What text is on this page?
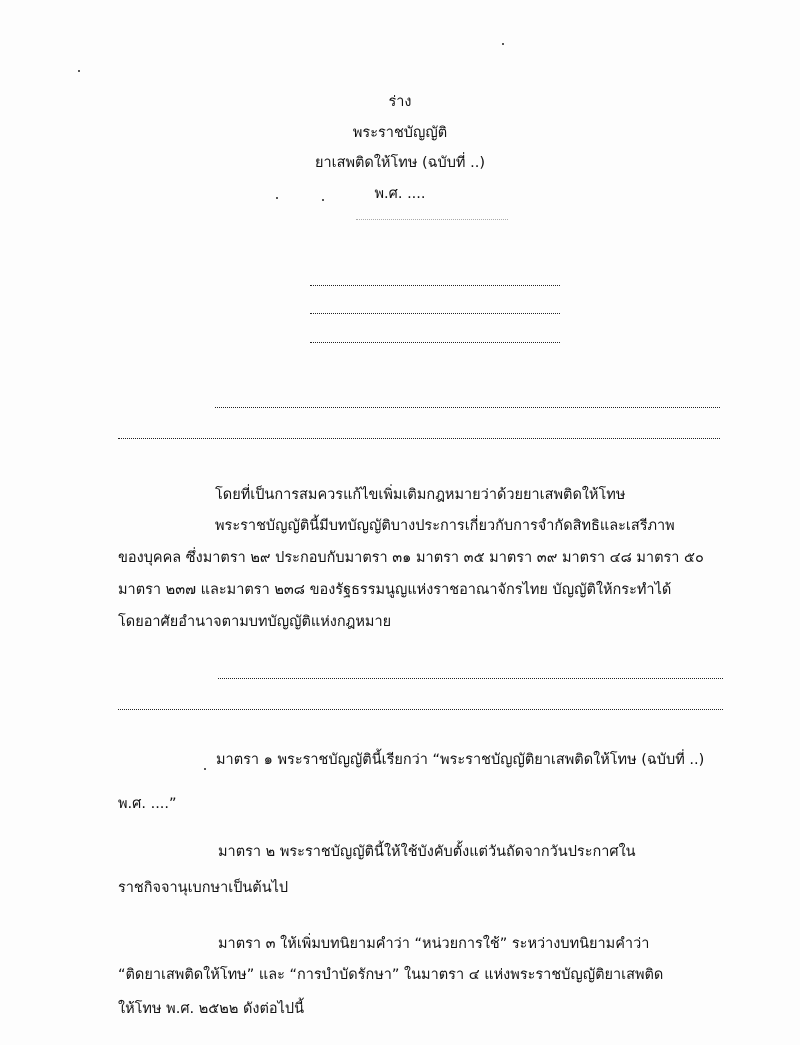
ร่าง
พระราชบัญญัติ
ยาเสพติดให้โทษ (ฉบับที่ ..)
พ.ศ. ....
โดยที่เป็นการสมควรแก้ไขเพิ่มเติมกฎหมายว่าด้วยยาเสพติดให้โทษ
พระราชบัญญัตินี้มีบทบัญญัติบางประการเกี่ยวกับการจำกัดสิทธิและเสรีภาพ
ของบุคคล ซึ่งมาตรา ๒๙ ประกอบกับมาตรา ๓๑ มาตรา ๓๕ มาตรา ๓๙ มาตรา ๔๘ มาตรา ๕๐
มาตรา ๒๓๗ และมาตรา ๒๓๘ ของรัฐธรรมนูญแห่งราชอาณาจักรไทย บัญญัติให้กระทำได้
โดยอาศัยอำนาจตามบทบัญญัติแห่งกฎหมาย
มาตรา ๑ พระราชบัญญัตินี้เรียกว่า “พระราชบัญญัติยาเสพติดให้โทษ (ฉบับที่ ..)
พ.ศ. ....”
มาตรา ๒ พระราชบัญญัตินี้ให้ใช้บังคับตั้งแต่วันถัดจากวันประกาศใน
ราชกิจจานุเบกษาเป็นต้นไป
มาตรา ๓ ให้เพิ่มบทนิยามคำว่า “หน่วยการใช้” ระหว่างบทนิยามคำว่า
“ติดยาเสพติดให้โทษ” และ “การบำบัดรักษา” ในมาตรา ๔ แห่งพระราชบัญญัติยาเสพติด
ให้โทษ พ.ศ. ๒๕๒๒ ดังต่อไปนี้
